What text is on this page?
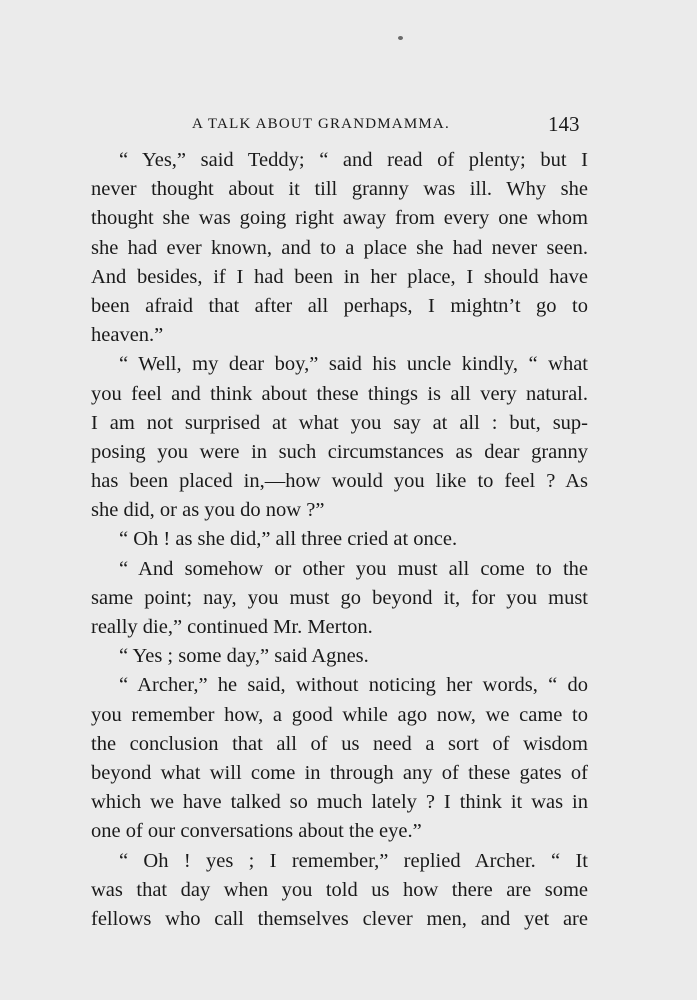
A TALK ABOUT GRANDMAMMA.	143
“ Yes,” said Teddy; “ and read of plenty; but I
never thought about it till granny was ill. Why she
thought she was going right away from every one whom
she had ever known, and to a place she had never seen.
And besides, if I had been in her place, I should have
been afraid that after all perhaps, I mightn’t go to
heaven.”
“ Well, my dear boy,” said his uncle kindly, “ what
you feel and think about these things is all very natural.
I am not surprised at what you say at all : but, sup-
posing you were in such circumstances as dear granny
has been placed in,—how would you like to feel ? As
she did, or as you do now ?”
“ Oh ! as she did,” all three cried at once.
“ And somehow or other you must all come to the
same point; nay, you must go beyond it, for you must
really die,” continued Mr. Merton.
“ Yes ; some day,” said Agnes.
“ Archer,” he said, without noticing her words, “ do
you remember how, a good while ago now, we came to
the conclusion that all of us need a sort of wisdom
beyond what will come in through any of these gates of
which we have talked so much lately ? I think it was in
one of our conversations about the eye.”
“ Oh ! yes ; I remember,” replied Archer. “ It
was that day when you told us how there are some
fellows who call themselves clever men, and yet are
